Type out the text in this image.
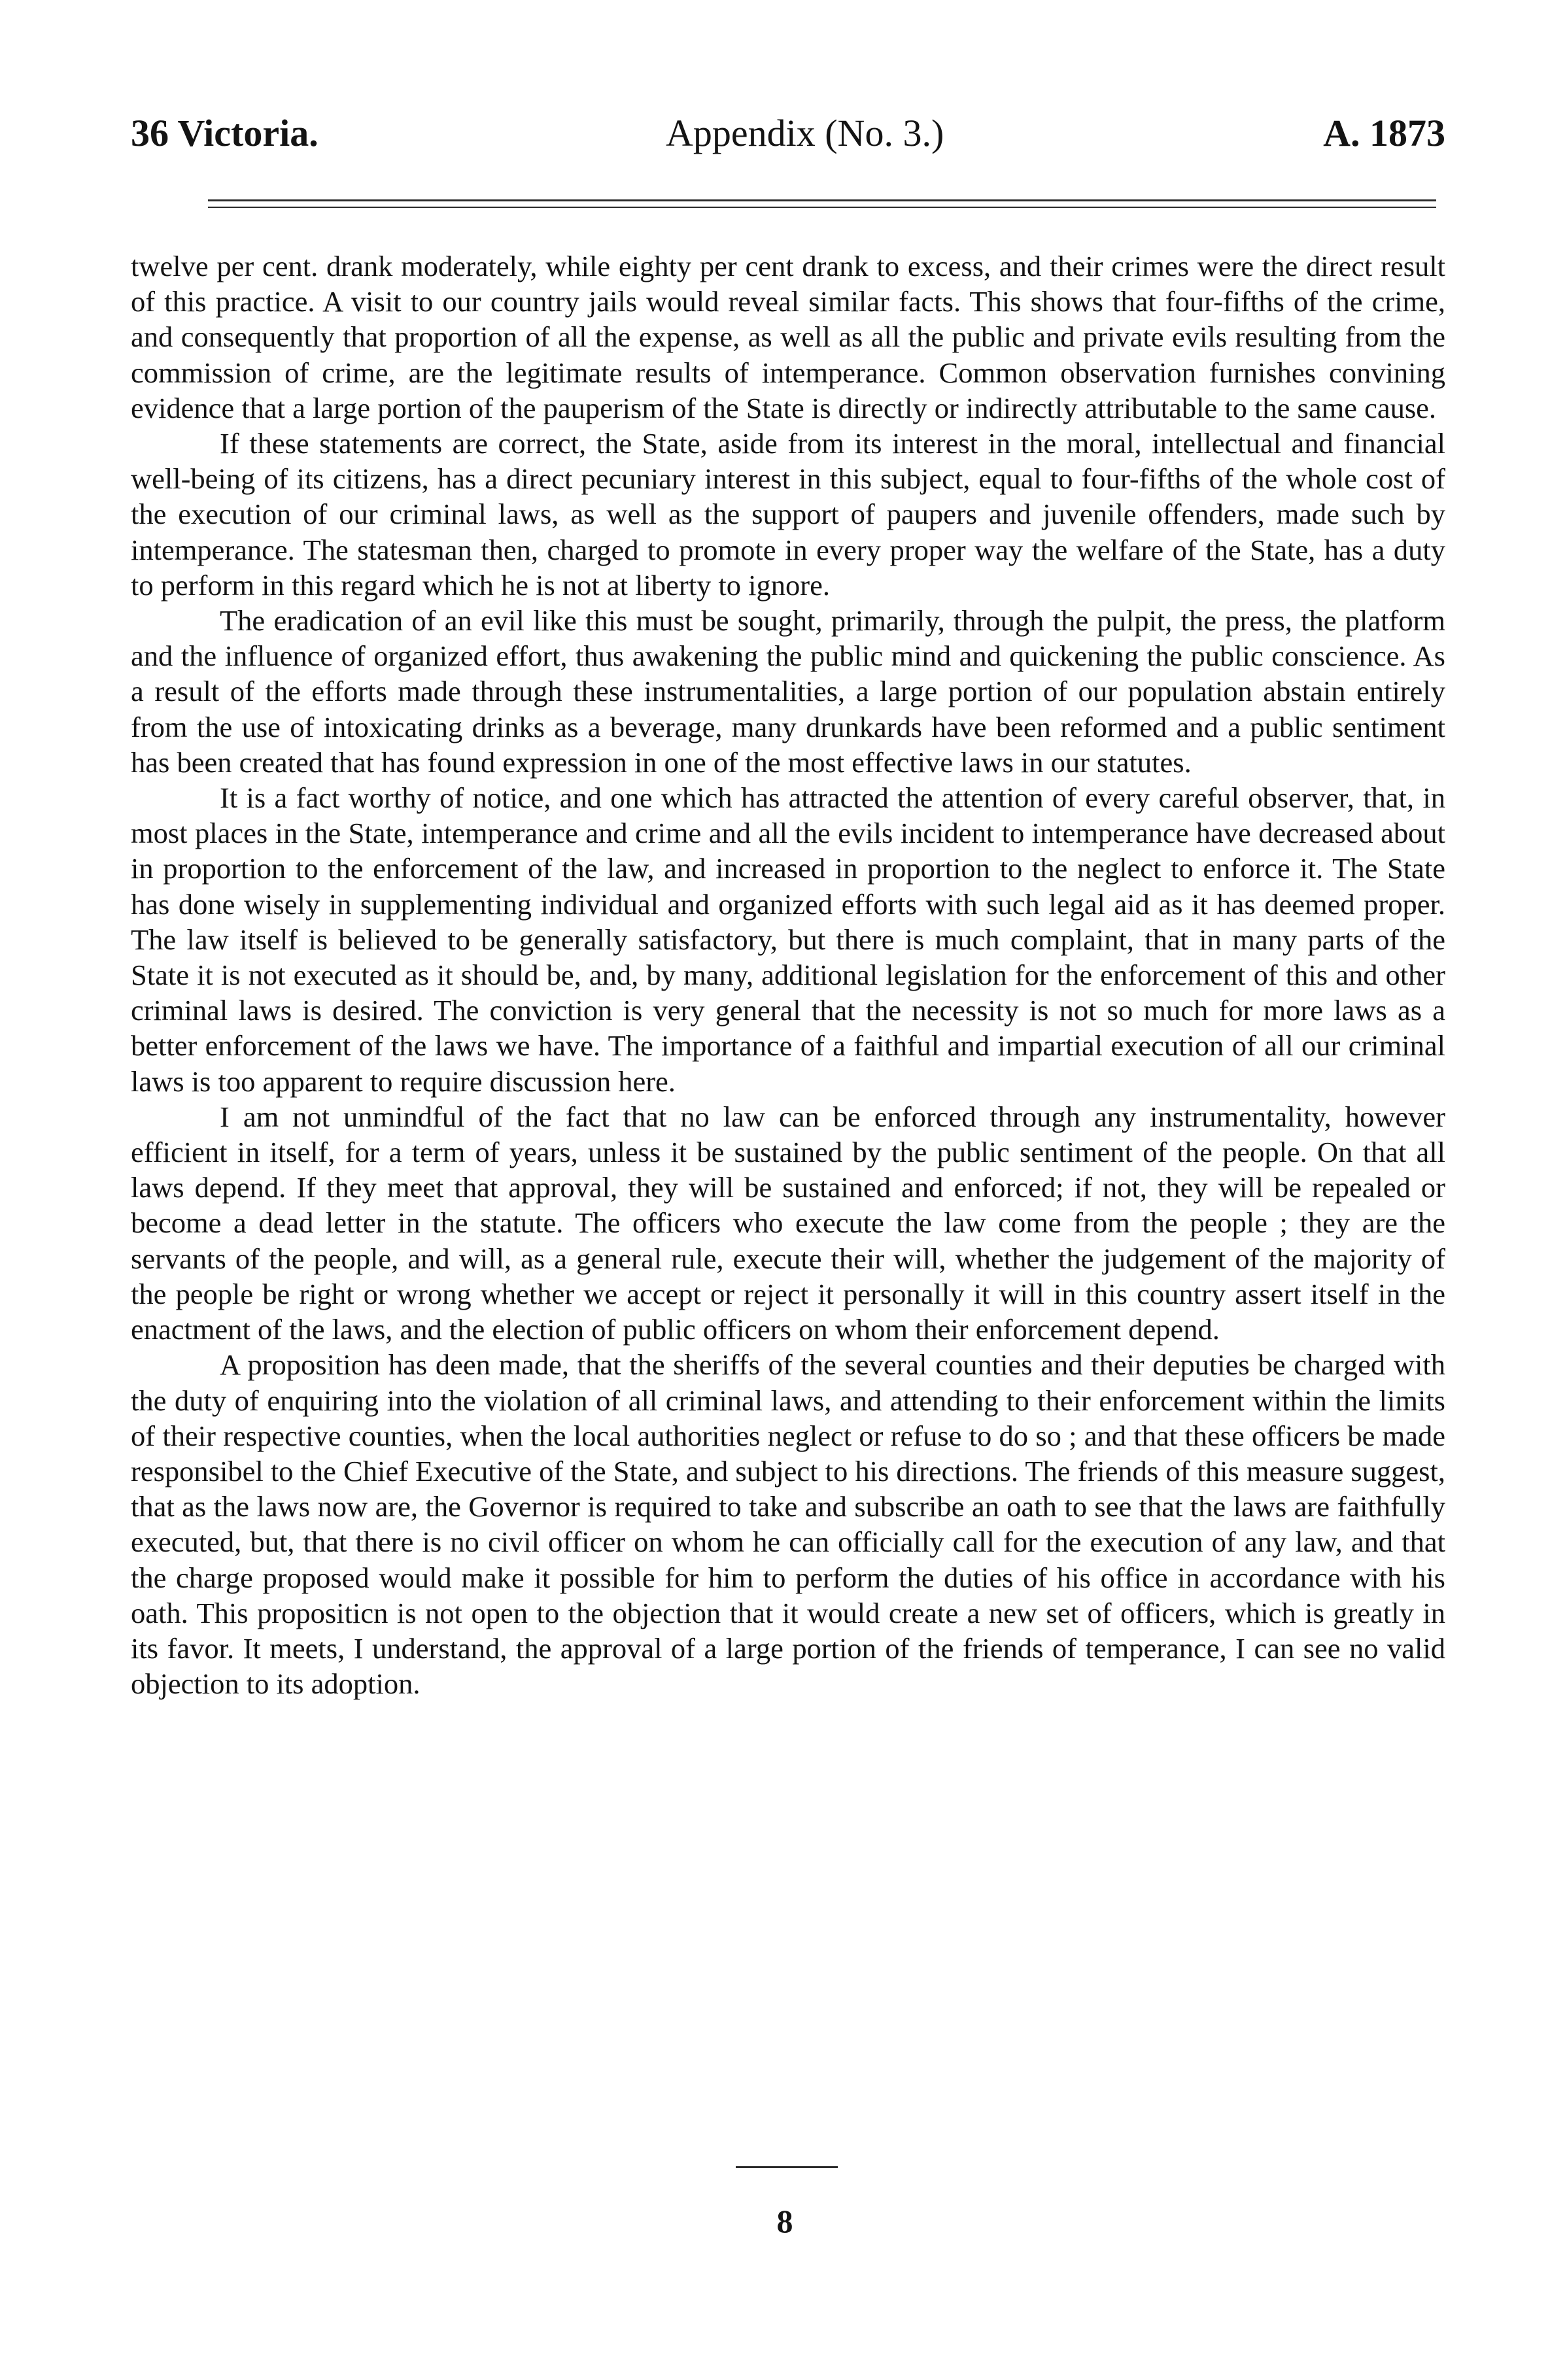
36 Victoria.	Appendix (No. 3.)	A. 1873

twelve per cent. drank moderately, while eighty per cent drank to excess, and their crimes were the direct result of this practice. A visit to our country jails would reveal similar facts. This shows that four-fifths of the crime, and consequently that proportion of all the expense, as well as all the public and private evils resulting from the commission of crime, are the legitimate results of intemperance. Common observation furnishes convining evidence that a large portion of the pauperism of the State is directly or indirectly attributable to the same cause.

If these statements are correct, the State, aside from its interest in the moral, intellectual and financial well-being of its citizens, has a direct pecuniary interest in this subject, equal to four-fifths of the whole cost of the execution of our criminal laws, as well as the support of paupers and juvenile offenders, made such by intemperance. The statesman then, charged to promote in every proper way the welfare of the State, has a duty to perform in this regard which he is not at liberty to ignore.

The eradication of an evil like this must be sought, primarily, through the pulpit, the press, the platform and the influence of organized effort, thus awakening the public mind and quickening the public conscience. As a result of the efforts made through these instrumentalities, a large portion of our population abstain entirely from the use of intoxicating drinks as a beverage, many drunkards have been reformed and a public sentiment has been created that has found expression in one of the most effective laws in our statutes.

It is a fact worthy of notice, and one which has attracted the attention of every careful observer, that, in most places in the State, intemperance and crime and all the evils incident to intemperance have decreased about in proportion to the enforcement of the law, and increased in proportion to the neglect to enforce it. The State has done wisely in supplementing individual and organized efforts with such legal aid as it has deemed proper. The law itself is believed to be generally satisfactory, but there is much complaint, that in many parts of the State it is not executed as it should be, and, by many, additional legislation for the enforcement of this and other criminal laws is desired. The conviction is very general that the necessity is not so much for more laws as a better enforcement of the laws we have. The importance of a faithful and impartial execution of all our criminal laws is too apparent to require discussion here.

I am not unmindful of the fact that no law can be enforced through any instrumentality, however efficient in itself, for a term of years, unless it be sustained by the public sentiment of the people. On that all laws depend. If they meet that approval, they will be sustained and enforced; if not, they will be repealed or become a dead letter in the statute. The officers who execute the law come from the people ; they are the servants of the people, and will, as a general rule, execute their will, whether the judgement of the majority of the people be right or wrong whether we accept or reject it personally it will in this country assert itself in the enactment of the laws, and the election of public officers on whom their enforcement depend.

A proposition has deen made, that the sheriffs of the several counties and their deputies be charged with the duty of enquiring into the violation of all criminal laws, and attending to their enforcement within the limits of their respective counties, when the local authorities neglect or refuse to do so ; and that these officers be made responsibel to the Chief Executive of the State, and subject to his directions. The friends of this measure suggest, that as the laws now are, the Governor is required to take and subscribe an oath to see that the laws are faithfully executed, but, that there is no civil officer on whom he can officially call for the execution of any law, and that the charge proposed would make it possible for him to perform the duties of his office in accordance with his oath. This propositicn is not open to the objection that it would create a new set of officers, which is greatly in its favor. It meets, I understand, the approval of a large portion of the friends of temperance, I can see no valid objection to its adoption.

8
